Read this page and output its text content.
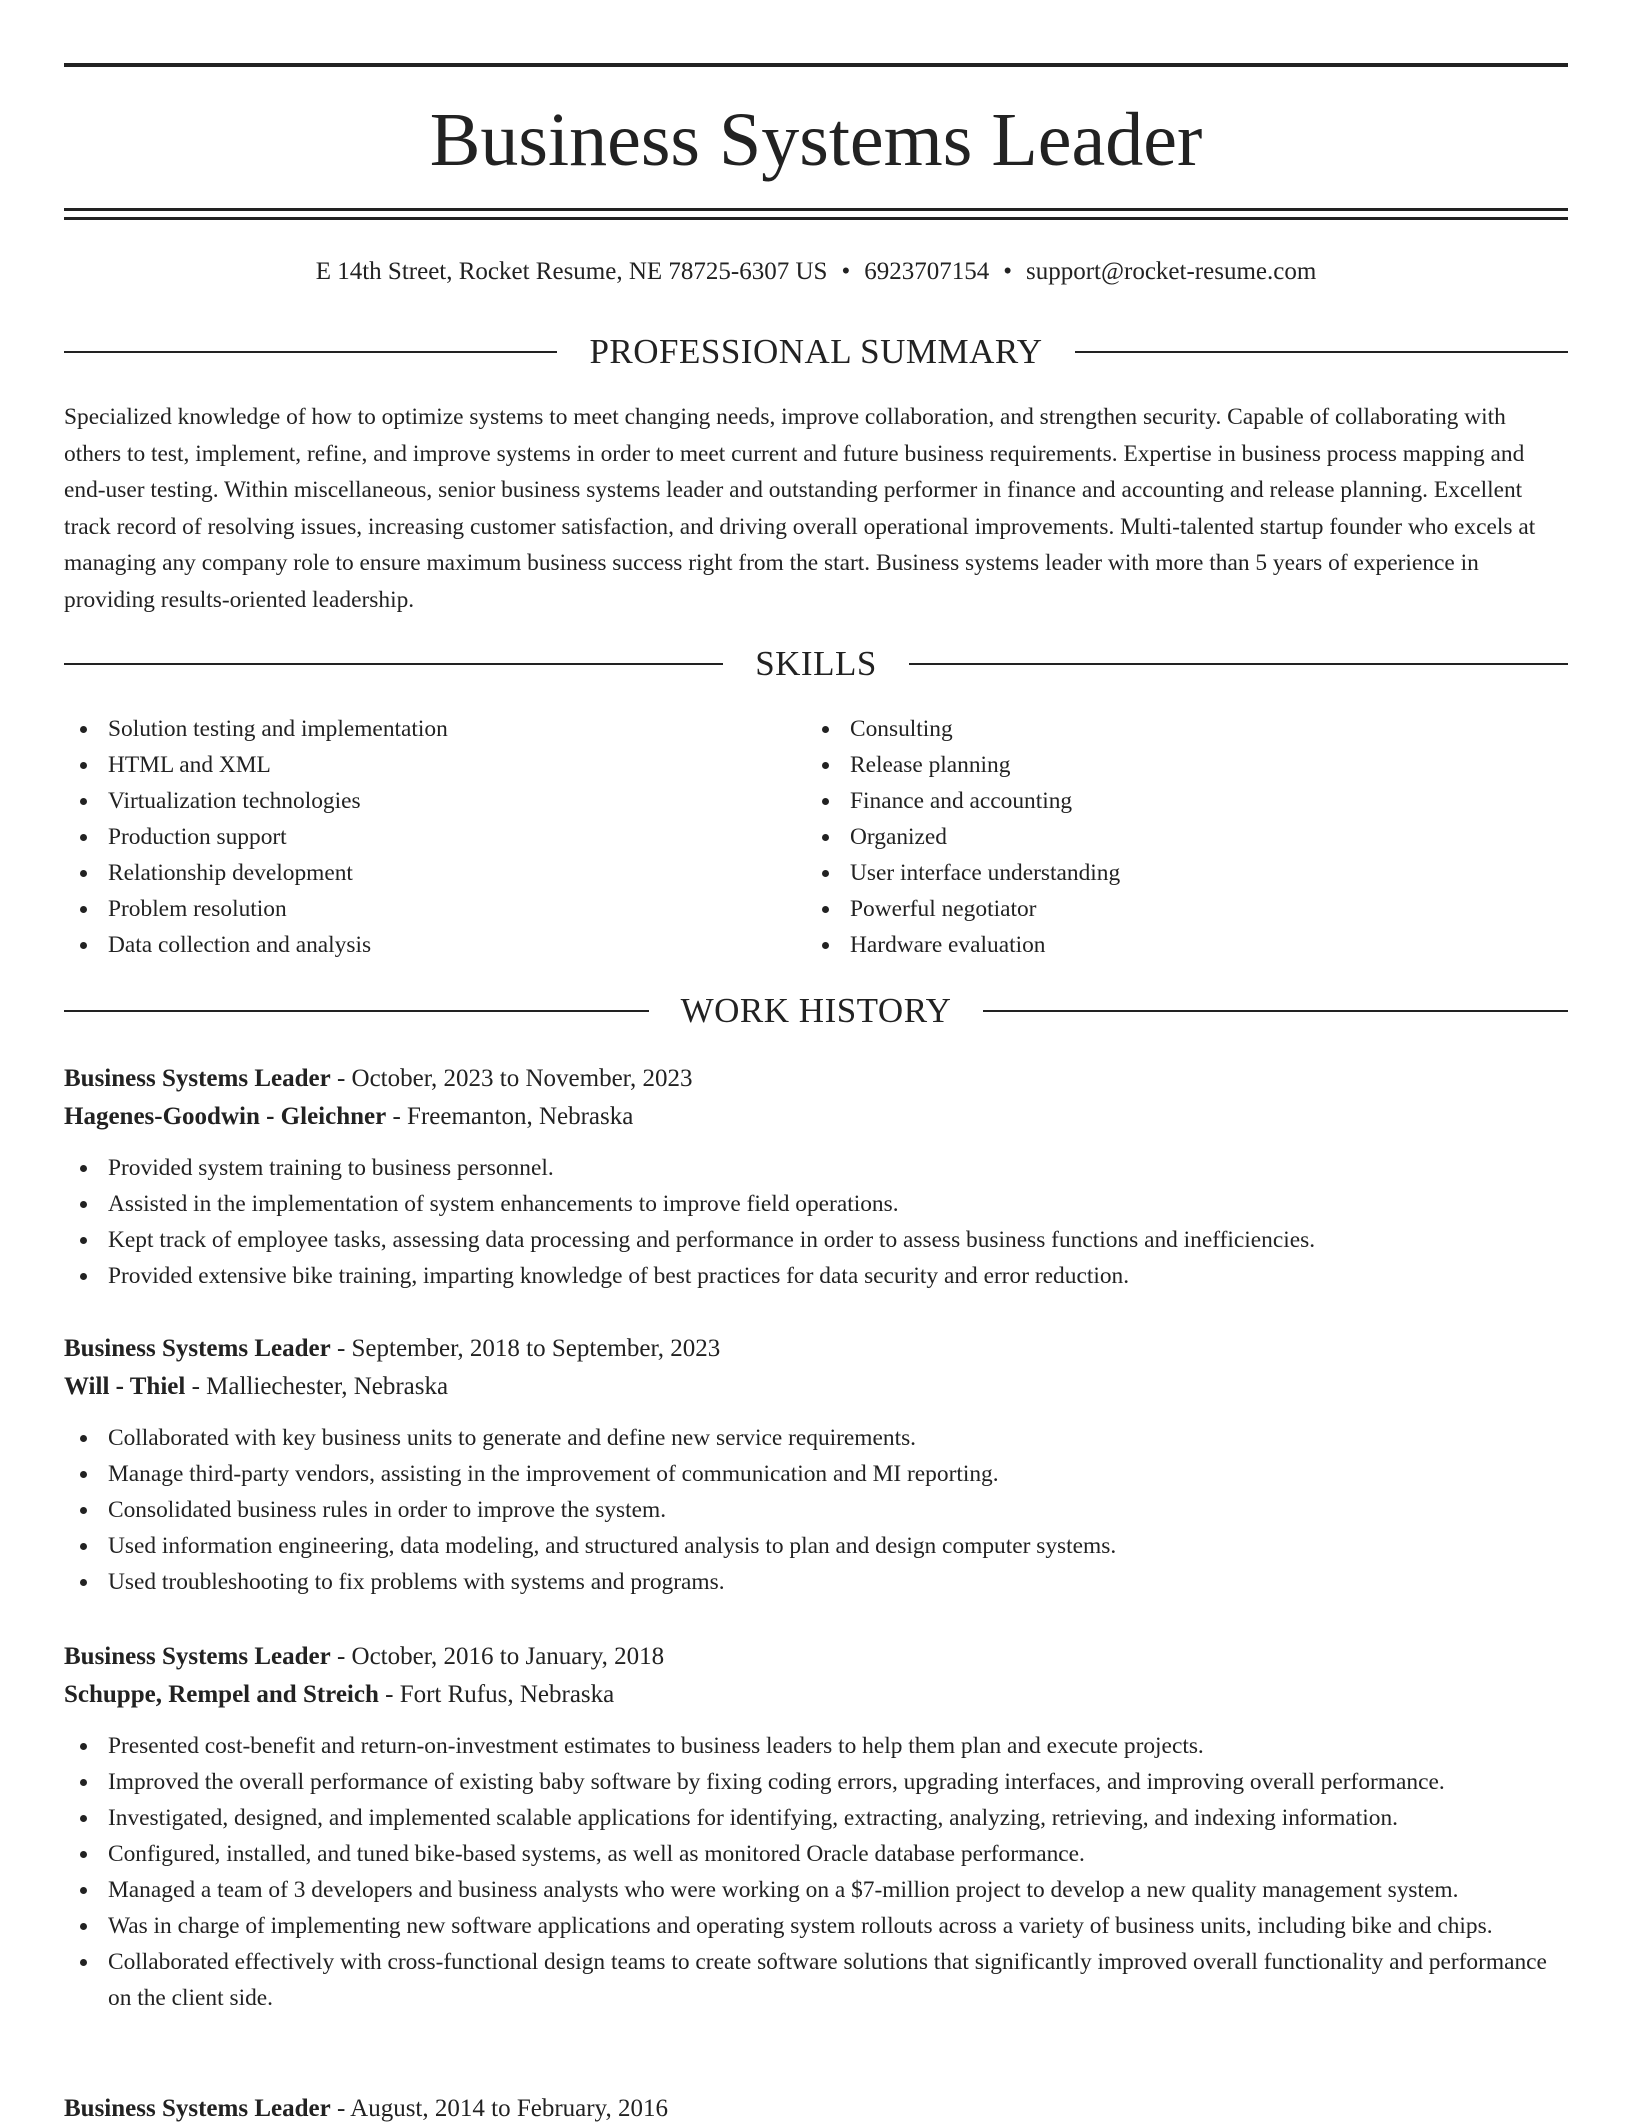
Business Systems Leader
E 14th Street, Rocket Resume, NE 78725-6307 US • 6923707154 • support@rocket-resume.com
PROFESSIONAL SUMMARY

Specialized knowledge of how to optimize systems to meet changing needs, improve collaboration, and strengthen security. Capable of collaborating with others to test, implement, refine, and improve systems in order to meet current and future business requirements. Expertise in business process mapping and end-user testing. Within miscellaneous, senior business systems leader and outstanding performer in finance and accounting and release planning. Excellent track record of resolving issues, increasing customer satisfaction, and driving overall operational improvements. Multi-talented startup founder who excels at managing any company role to ensure maximum business success right from the start. Business systems leader with more than 5 years of experience in providing results-oriented leadership.

SKILLS
Solution testing and implementation
HTML and XML
Virtualization technologies
Production support
Relationship development
Problem resolution
Data collection and analysis
Consulting
Release planning
Finance and accounting
Organized
User interface understanding
Powerful negotiator
Hardware evaluation
WORK HISTORY
Business Systems Leader - October, 2023 to November, 2023
Hagenes-Goodwin - Gleichner - Freemanton, Nebraska
Provided system training to business personnel.
Assisted in the implementation of system enhancements to improve field operations.
Kept track of employee tasks, assessing data processing and performance in order to assess business functions and inefficiencies.
Provided extensive bike training, imparting knowledge of best practices for data security and error reduction.
Business Systems Leader - September, 2018 to September, 2023
Will - Thiel - Malliechester, Nebraska
Collaborated with key business units to generate and define new service requirements.
Manage third-party vendors, assisting in the improvement of communication and MI reporting.
Consolidated business rules in order to improve the system.
Used information engineering, data modeling, and structured analysis to plan and design computer systems.
Used troubleshooting to fix problems with systems and programs.
Business Systems Leader - October, 2016 to January, 2018
Schuppe, Rempel and Streich - Fort Rufus, Nebraska
Presented cost-benefit and return-on-investment estimates to business leaders to help them plan and execute projects.
Improved the overall performance of existing baby software by fixing coding errors, upgrading interfaces, and improving overall performance.
Investigated, designed, and implemented scalable applications for identifying, extracting, analyzing, retrieving, and indexing information.
Configured, installed, and tuned bike-based systems, as well as monitored Oracle database performance.
Managed a team of 3 developers and business analysts who were working on a $7-million project to develop a new quality management system.
Was in charge of implementing new software applications and operating system rollouts across a variety of business units, including bike and chips.
Collaborated effectively with cross-functional design teams to create software solutions that significantly improved overall functionality and performance on the client side.
Business Systems Leader - August, 2014 to February, 2016
